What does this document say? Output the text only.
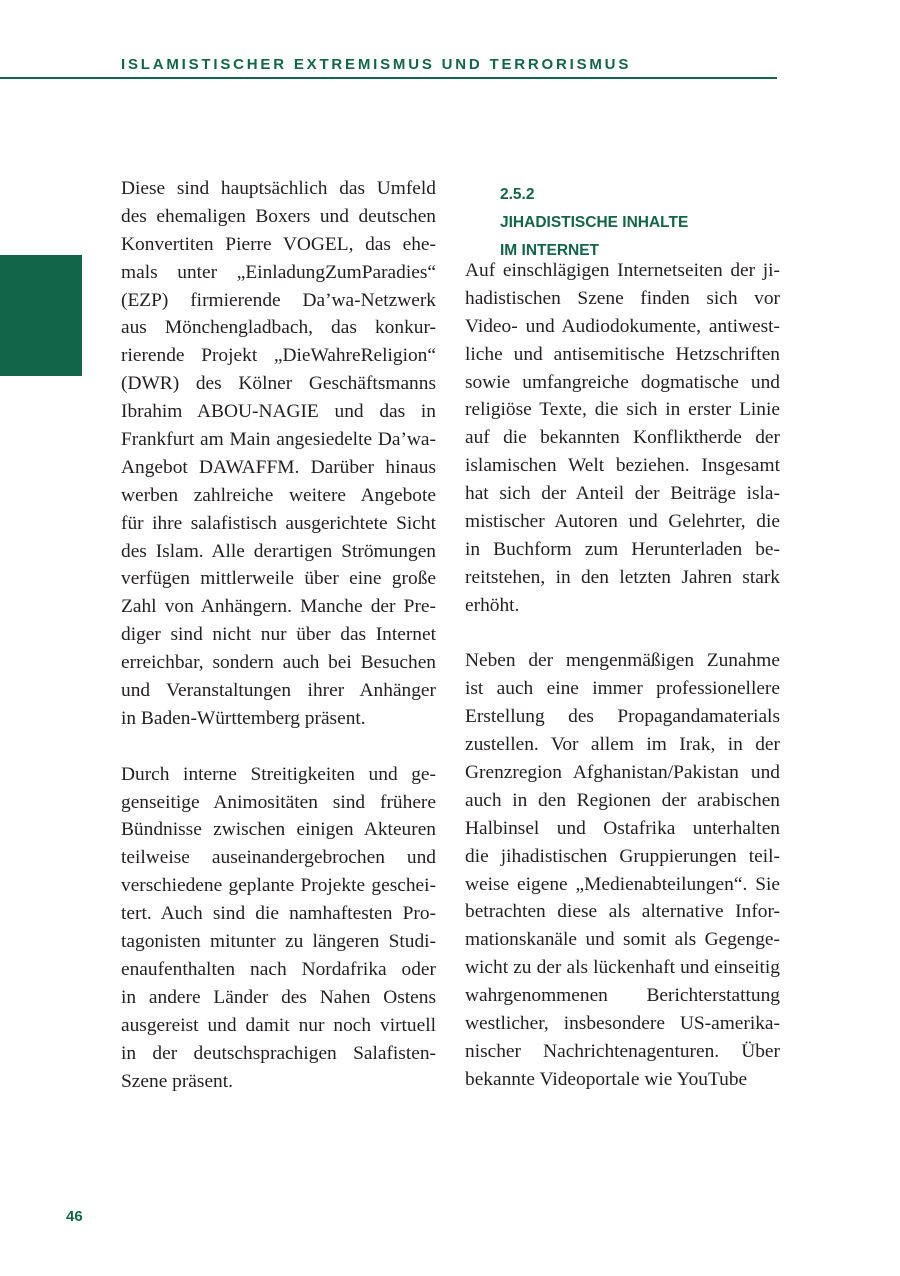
ISLAMISTISCHER EXTREMISMUS UND TERRORISMUS

2.5.2
JIHADISTISCHE INHALTE
IM INTERNET
Diese sind hauptsächlich das Umfeld
des ehemaligen Boxers und deutschen
Konvertiten Pierre VOGEL, das ehe-
mals unter „EinladungZumParadies“
(EZP) firmierende Da’wa-Netzwerk
aus Mönchengladbach, das konkur-
rierende Projekt „DieWahreReligion“
(DWR) des Kölner Geschäftsmanns
Ibrahim ABOU-NAGIE und das in
Frankfurt am Main angesiedelte Da’wa-
Angebot DAWAFFM. Darüber hinaus
werben zahlreiche weitere Angebote
für ihre salafistisch ausgerichtete Sicht
des Islam. Alle derartigen Strömungen
verfügen mittlerweile über eine große
Zahl von Anhängern. Manche der Pre-
diger sind nicht nur über das Internet
erreichbar, sondern auch bei Besuchen
und Veranstaltungen ihrer Anhänger
in Baden-Württemberg präsent.
Durch interne Streitigkeiten und ge-
genseitige Animositäten sind frühere
Bündnisse zwischen einigen Akteuren
teilweise auseinandergebrochen und
verschiedene geplante Projekte geschei-
tert. Auch sind die namhaftesten Pro-
tagonisten mitunter zu längeren Studi-
enaufenthalten nach Nordafrika oder
in andere Länder des Nahen Ostens
ausgereist und damit nur noch virtuell
in der deutschsprachigen Salafisten-
Szene präsent.
Auf einschlägigen Internetseiten der ji-
hadistischen Szene finden sich vor
Video- und Audiodokumente, antiwest-
liche und antisemitische Hetzschriften
sowie umfangreiche dogmatische und
religiöse Texte, die sich in erster Linie
auf die bekannten Konfliktherde der
islamischen Welt beziehen. Insgesamt
hat sich der Anteil der Beiträge isla-
mistischer Autoren und Gelehrter, die
in Buchform zum Herunterladen be-
reitstehen, in den letzten Jahren stark
erhöht.
Neben der mengenmäßigen Zunahme
ist auch eine immer professionellere
Erstellung des Propagandamaterials
zustellen. Vor allem im Irak, in der
Grenzregion Afghanistan/Pakistan und
auch in den Regionen der arabischen
Halbinsel und Ostafrika unterhalten
die jihadistischen Gruppierungen teil-
weise eigene „Medienabteilungen“. Sie
betrachten diese als alternative Infor-
mationskanäle und somit als Gegenge-
wicht zu der als lückenhaft und einseitig
wahrgenommenen Berichterstattung
westlicher, insbesondere US-amerika-
nischer Nachrichtenagenturen. Über
bekannte Videoportale wie YouTube

46
